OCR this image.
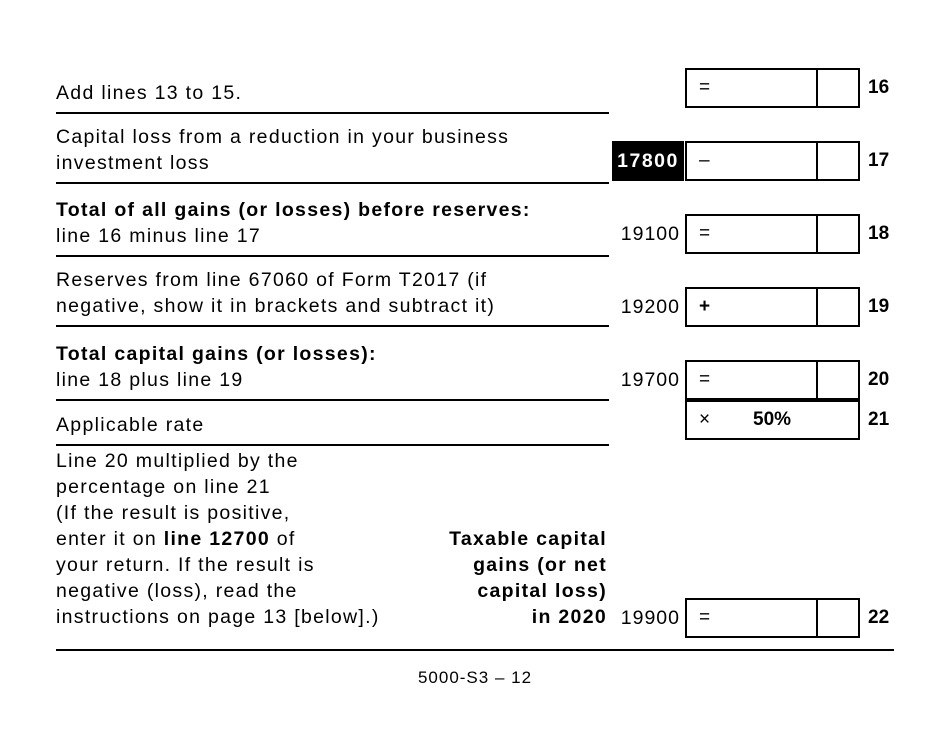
Add lines 13 to 15.	=	16
Capital loss from a reduction in your business
investment loss	17800 –	17
Total of all gains (or losses) before reserves:
line 16 minus line 17	19100 =	18
Reserves from line 67060 of Form T2017 (if
negative, show it in brackets and subtract it)	19200 +	19
Total capital gains (or losses):
line 18 plus line 19	19700 =	20
Applicable rate	× 50%	21
Line 20 multiplied by the
percentage on line 21
(If the result is positive,
enter it on line 12700 of
your return. If the result is
negative (loss), read the
instructions on page 13 [below].)
Taxable capital
gains (or net
capital loss)
in 2020 19900 =	22
5000-S3 – 12
